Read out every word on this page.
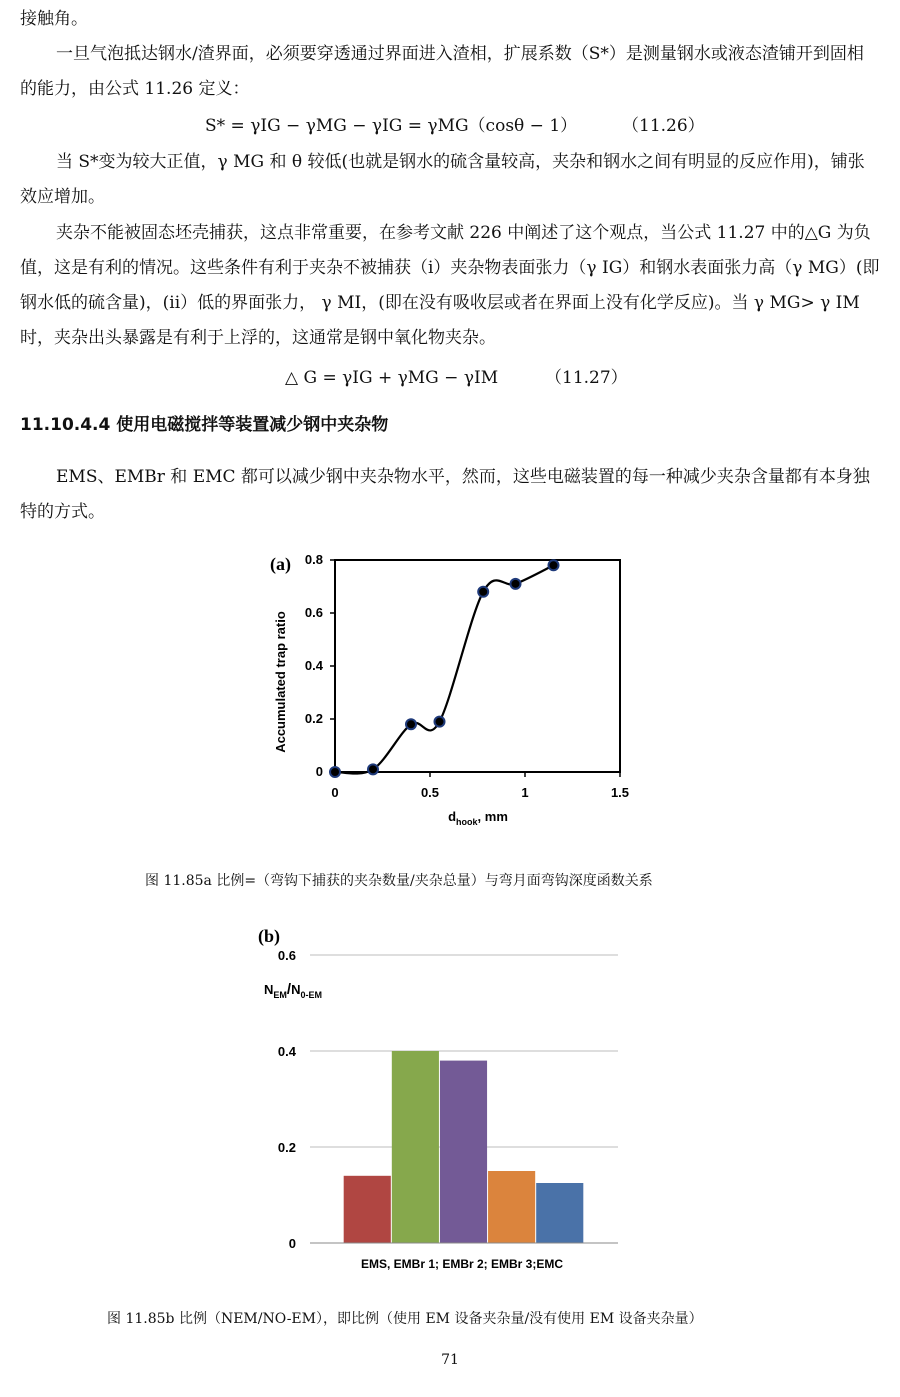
接触角。

一旦气泡抵达钢水/渣界面，必须要穿透通过界面进入渣相，扩展系数（S*）是测量钢水或液态渣铺开到固相的能力，由公式 11.26 定义：

S* = γIG − γMG − γIG = γMG（cosθ − 1）	（11.26）

当 S*变为较大正值，γ MG 和 θ 较低(也就是钢水的硫含量较高，夹杂和钢水之间有明显的反应作用)，铺张效应增加。

夹杂不能被固态坯壳捕获，这点非常重要，在参考文献 226 中阐述了这个观点，当公式 11.27 中的△G 为负值，这是有利的情况。这些条件有利于夹杂不被捕获（i）夹杂物表面张力（γ IG）和钢水表面张力高（γ MG）(即钢水低的硫含量)，(ii）低的界面张力， γ MI，(即在没有吸收层或者在界面上没有化学反应)。当 γ MG> γ IM时，夹杂出头暴露是有利于上浮的，这通常是钢中氧化物夹杂。

△ G = γIG + γMG − γIM	（11.27）
11.10.4.4 使用电磁搅拌等装置减少钢中夹杂物

EMS、EMBr 和 EMC 都可以减少钢中夹杂物水平，然而，这些电磁装置的每一种减少夹杂含量都有本身独特的方式。

(a)
Accumulated trap ratio
0
0.2
0.4
0.6
0.8
0	0.5	1	1.5
$d_{hook}$, mm
图 11.85a 比例=（弯钩下捕获的夹杂数量/夹杂总量）与弯月面弯钩深度函数关系
(b)
0
0.2
0.4
0.6
$N_{EM}/N_{0-EM}$
EMS, EMBr 1; EMBr 2; EMBr 3;EMC
图 11.85b 比例（NEM/NO-EM），即比例（使用 EM 设备夹杂量/没有使用 EM 设备夹杂量）
71
